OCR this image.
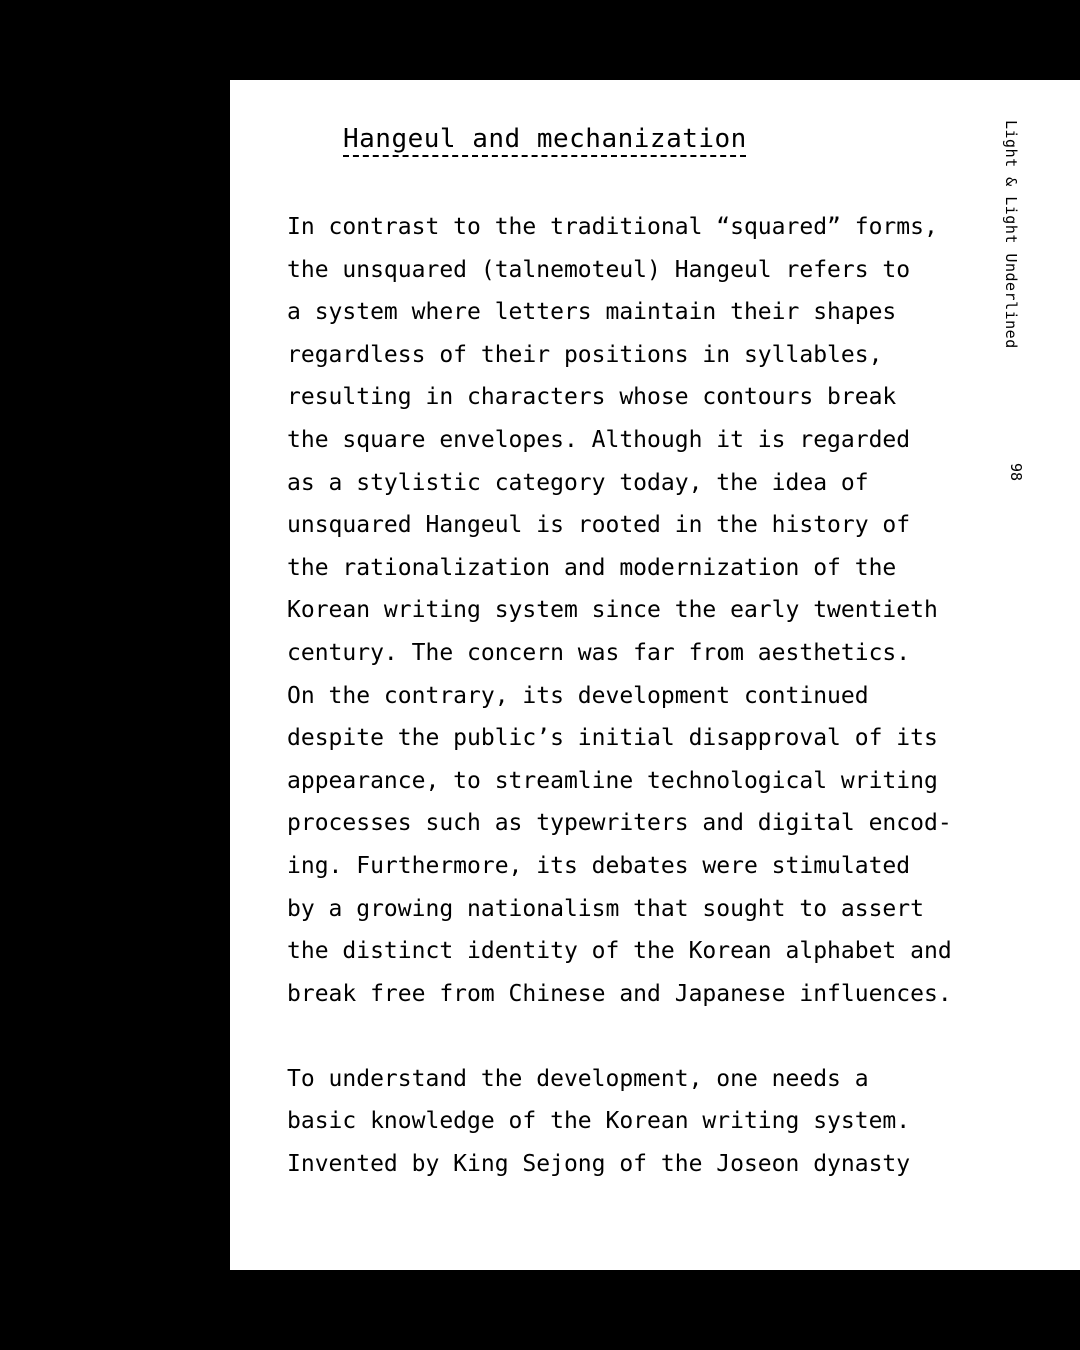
Hangeul and mechanization	Light & Light Underlined
98

In contrast to the traditional “squared” forms,
the unsquared (talnemoteul) Hangeul refers to
a system where letters maintain their shapes
regardless of their positions in syllables,
resulting in characters whose contours break
the square envelopes. Although it is regarded
as a stylistic category today, the idea of
unsquared Hangeul is rooted in the history of
the rationalization and modernization of the
Korean writing system since the early twentieth
century. The concern was far from aesthetics.
On the contrary, its development continued
despite the public’s initial disapproval of its
appearance, to streamline technological writing
processes such as typewriters and digital encod-
ing. Furthermore, its debates were stimulated
by a growing nationalism that sought to assert
the distinct identity of the Korean alphabet and
break free from Chinese and Japanese influences.

To understand the development, one needs a
basic knowledge of the Korean writing system.
Invented by King Sejong of the Joseon dynasty
